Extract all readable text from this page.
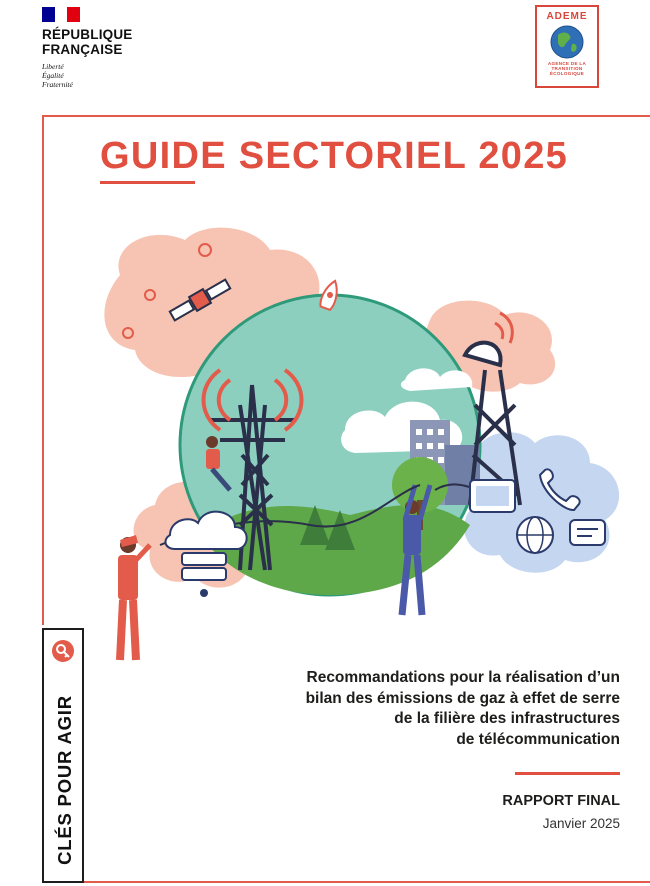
RÉPUBLIQUE
FRANÇAISE
Liberté
Égalité
Fraternité
ADEME
AGENCE DE LA
TRANSITION
ÉCOLOGIQUE
GUIDE SECTORIEL 2025
CLÉS POUR AGIR
Recommandations pour la réalisation d’un
bilan des émissions de gaz à effet de serre
de la filière des infrastructures
de télécommunication
RAPPORT FINAL
Janvier 2025
